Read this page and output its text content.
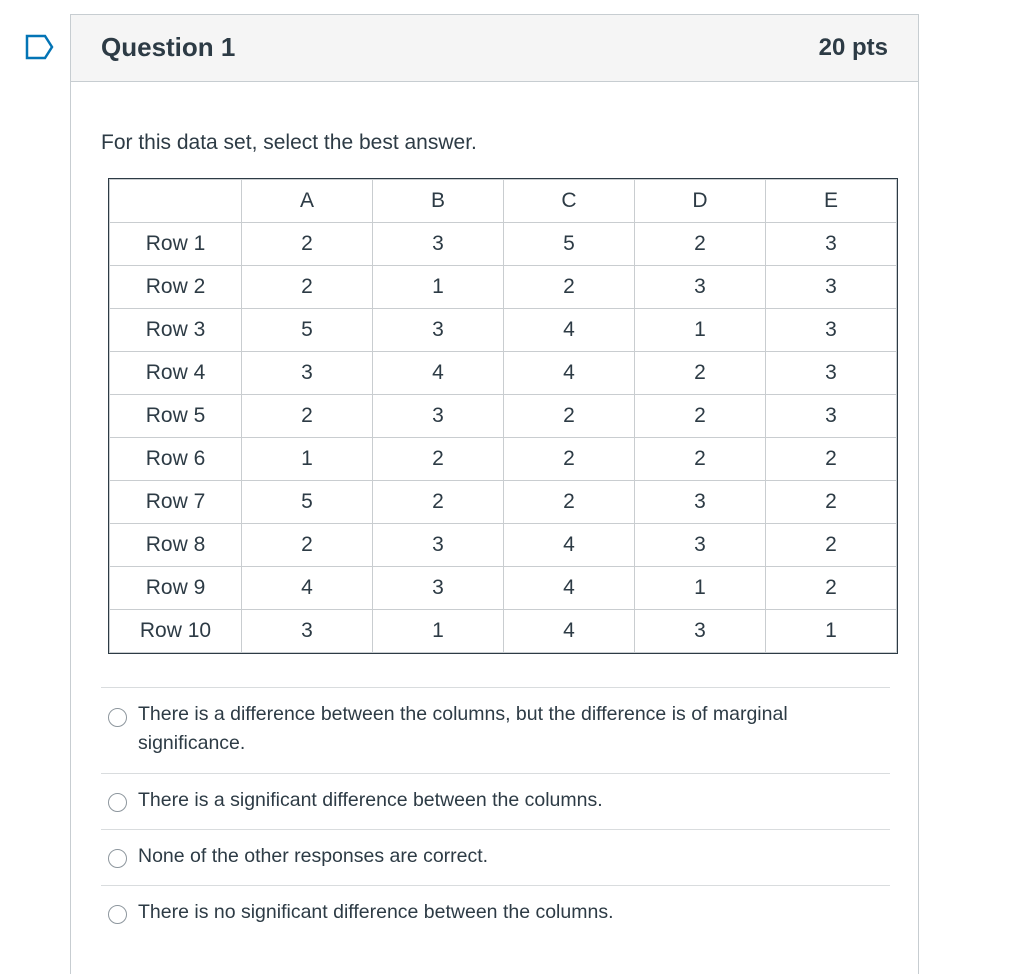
Question 1	20 pts
For this data set, select the best answer.
	A	B	C	D	E
Row 1	2	3	5	2	3
Row 2	2	1	2	3	3
Row 3	5	3	4	1	3
Row 4	3	4	4	2	3
Row 5	2	3	2	2	3
Row 6	1	2	2	2	2
Row 7	5	2	2	3	2
Row 8	2	3	4	3	2
Row 9	4	3	4	1	2
Row 10	3	1	4	3	1
There is a difference between the columns, but the difference is of marginal significance.
There is a significant difference between the columns.
None of the other responses are correct.
There is no significant difference between the columns.
